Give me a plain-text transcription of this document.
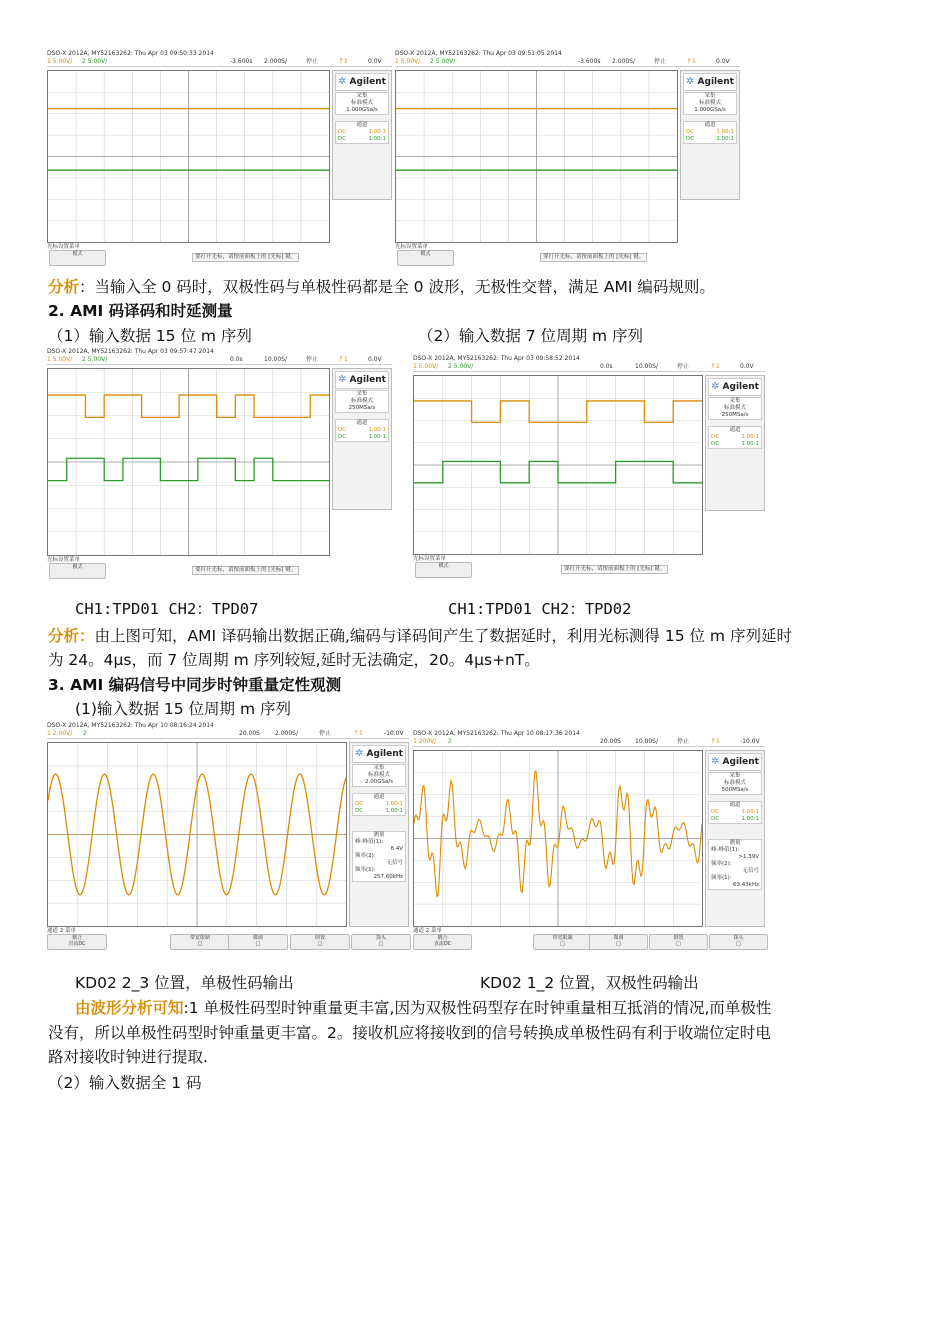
DSO-X 2012A, MY52163262: Thu Apr 03 09:50:33 2014
1 5.00V/ 2 5.00V/	-3.600s 2.000S/	停止	f 1	0.0V
✲ Agilent
采集
标准模式
1.000GSa/s
通道
DC	1.00:1
DC	1.00:1
光标设置菜单
模式	要打开光标，请按前面板上的 [光标] 键。
DSO-X 2012A, MY52163262: Thu Apr 03 09:51:05 2014
1 5.00V/ 2 5.00V/	-3.600s 2.000S/	停止	f 1	0.0V
✲ Agilent
采集
标准模式
1.000GSa/s
通道
DC	1.00:1
DC	1.00:1
光标设置菜单
模式	要打开光标，请按前面板上的 [光标] 键。
分析：当输入全 0 码时，双极性码与单极性码都是全 0 波形，无极性交替，满足 AMI 编码规则。
2. AMI 码译码和时延测量
（1）输入数据 15 位 m 序列	（2）输入数据 7 位周期 m 序列
DSO-X 2012A, MY52163262: Thu Apr 03 09:57:47 2014
1 5.00V/ 2 5.00V/	0.0s	10.00S/	停止	f 1	0.0V
✲ Agilent
采集
标准模式
250MSa/s
通道
DC	1.00:1
DC	1.00:1
光标设置菜单
模式	要打开光标，请按前面板上的 [光标] 键。
DSO-X 2012A, MY52163262: Thu Apr 03 09:58:52 2014
1 5.00V/ 2 5.00V/	0.0s	10.00S/	停止	f 1	0.0V
✲ Agilent
采集
标准模式
250MSa/s
通道
DC	1.00:1
DC	1.00:1
光标设置菜单
模式	要打开光标，请按前面板上的 [光标] 键。
CH1:TPD01 CH2：TPD07	CH1:TPD01 CH2：TPD02
分析：由上图可知，AMI 译码输出数据正确,编码与译码间产生了数据延时，利用光标测得 15 位 m 序列延时
为 24。4μs，而 7 位周期 m 序列较短,延时无法确定，20。4μs+nT。
3. AMI 编码信号中同步时钟重量定性观测
(1)输入数据 15 位周期 m 序列
DSO-X 2012A, MY52163262: Thu Apr 10 08:16:24 2014
1 2.00V/ 2	20.00S	2.000S/	停止	f 1	-10.0V
✲ Agilent
采集
标准模式
2.00GSa/s
通道
DC	1.00:1
DC	1.00:1
测量
峰-峰值(1):
8.4V
频率(2):
无信号
频率(1):
257.60kHz
通道 2 菜单
耦合
直流DC
带宽限制
□
微调
□
倒置
□
探头
□
DSO-X 2012A, MY52163262: Thu Apr 10 08:17:36 2014
1 200V/ 2	20.00S 10.00S/	停止	f 1	-10.0V
✲ Agilent
采集
标准模式
500MSa/s
通道
DC	1.00:1
DC	1.00:1
测量
峰-峰值(1):
>1.39V
频率(2):
无信号
频率(1):
63.43kHz
通道 2 菜单
耦合
直流DC
带宽限制
□
微调
□
倒置
□
探头
□
KD02 2_3 位置，单极性码输出	KD02 1_2 位置，双极性码输出
由波形分析可知:1 单极性码型时钟重量更丰富,因为双极性码型存在时钟重量相互抵消的情况,而单极性
没有，所以单极性码型时钟重量更丰富。2。接收机应将接收到的信号转换成单极性码有利于收端位定时电
路对接收时钟进行提取.
（2）输入数据全 1 码
